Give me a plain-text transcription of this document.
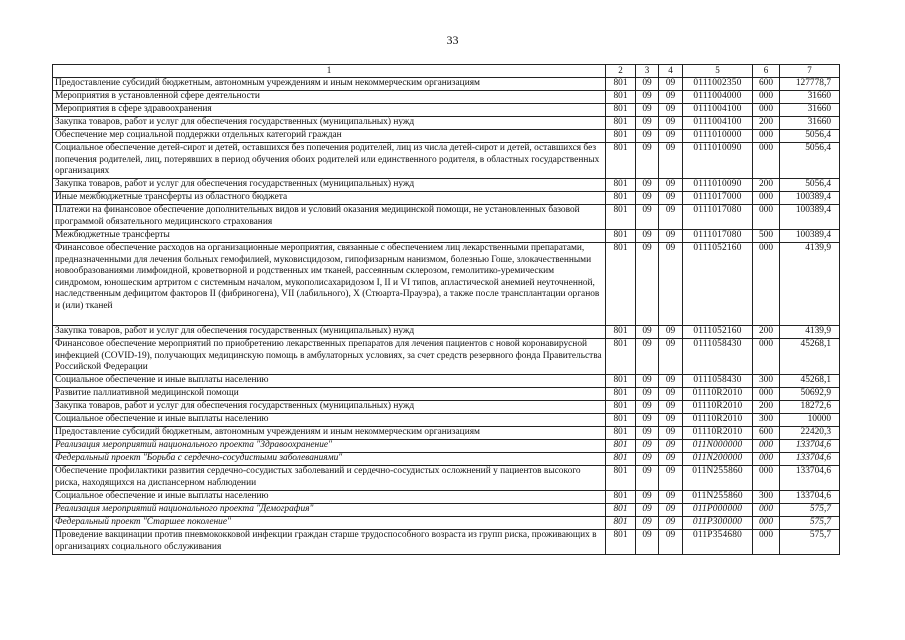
33
1	2	3	4	5	6	7
Предоставление субсидий бюджетным, автономным учреждениям и иным некоммерческим организациям	801	09	09	0111002350	600	127778,7
Мероприятия в установленной сфере деятельности	801	09	09	0111004000	000	31660
Мероприятия в сфере здравоохранения	801	09	09	0111004100	000	31660
Закупка товаров, работ и услуг для обеспечения государственных (муниципальных) нужд	801	09	09	0111004100	200	31660
Обеспечение мер социальной поддержки отдельных категорий граждан	801	09	09	0111010000	000	5056,4
Социальное обеспечение детей-сирот и детей, оставшихся без попечения родителей, лиц из числа детей-сирот и детей, оставшихся без попечения родителей, лиц, потерявших в период обучения обоих родителей или единственного родителя, в областных государственных организациях	801	09	09	0111010090	000	5056,4
Закупка товаров, работ и услуг для обеспечения государственных (муниципальных) нужд	801	09	09	0111010090	200	5056,4
Иные межбюджетные трансферты из областного бюджета	801	09	09	0111017000	000	100389,4
Платежи на финансовое обеспечение дополнительных видов и условий оказания медицинской помощи, не установленных базовой программой обязательного медицинского страхования	801	09	09	0111017080	000	100389,4
Межбюджетные трансферты	801	09	09	0111017080	500	100389,4
Финансовое обеспечение расходов на организационные мероприятия, связанные с обеспечением лиц лекарственными препаратами, предназначенными для лечения больных гемофилией, муковисцидозом, гипофизарным нанизмом, болезнью Гоше, злокачественными новообразованиями лимфоидной, кроветворной и родственных им тканей, рассеянным склерозом, гемолитико-уремическим синдромом, юношеским артритом с системным началом, мукополисахаридозом I, II и VI типов, апластической анемией неуточненной, наследственным дефицитом факторов II (фибриногена), VII (лабильного), X (Стюарта-Прауэра), а также после трансплантации органов и (или) тканей	801	09	09	0111052160	000	4139,9
Закупка товаров, работ и услуг для обеспечения государственных (муниципальных) нужд	801	09	09	0111052160	200	4139,9
Финансовое обеспечение мероприятий по приобретению лекарственных препаратов для лечения пациентов с новой коронавирусной инфекцией (COVID-19), получающих медицинскую помощь в амбулаторных условиях, за счет средств резервного фонда Правительства Российской Федерации	801	09	09	0111058430	000	45268,1
Социальное обеспечение и иные выплаты населению	801	09	09	0111058430	300	45268,1
Развитие паллиативной медицинской помощи	801	09	09	01110R2010	000	50692,9
Закупка товаров, работ и услуг для обеспечения государственных (муниципальных) нужд	801	09	09	01110R2010	200	18272,6
Социальное обеспечение и иные выплаты населению	801	09	09	01110R2010	300	10000
Предоставление субсидий бюджетным, автономным учреждениям и иным некоммерческим организациям	801	09	09	01110R2010	600	22420,3
Реализация мероприятий национального проекта "Здравоохранение"	801	09	09	011N000000	000	133704,6
Федеральный проект "Борьба с сердечно-сосудистыми заболеваниями"	801	09	09	011N200000	000	133704,6
Обеспечение профилактики развития сердечно-сосудистых заболеваний и сердечно-сосудистых осложнений у пациентов высокого риска, находящихся на диспансерном наблюдении	801	09	09	011N255860	000	133704,6
Социальное обеспечение и иные выплаты населению	801	09	09	011N255860	300	133704,6
Реализация мероприятий национального проекта "Демография"	801	09	09	011P000000	000	575,7
Федеральный проект "Старшее поколение"	801	09	09	011P300000	000	575,7
Проведение вакцинации против пневмококковой инфекции граждан старше трудоспособного возраста из групп риска, проживающих в организациях социального обслуживания	801	09	09	011P354680	000	575,7
